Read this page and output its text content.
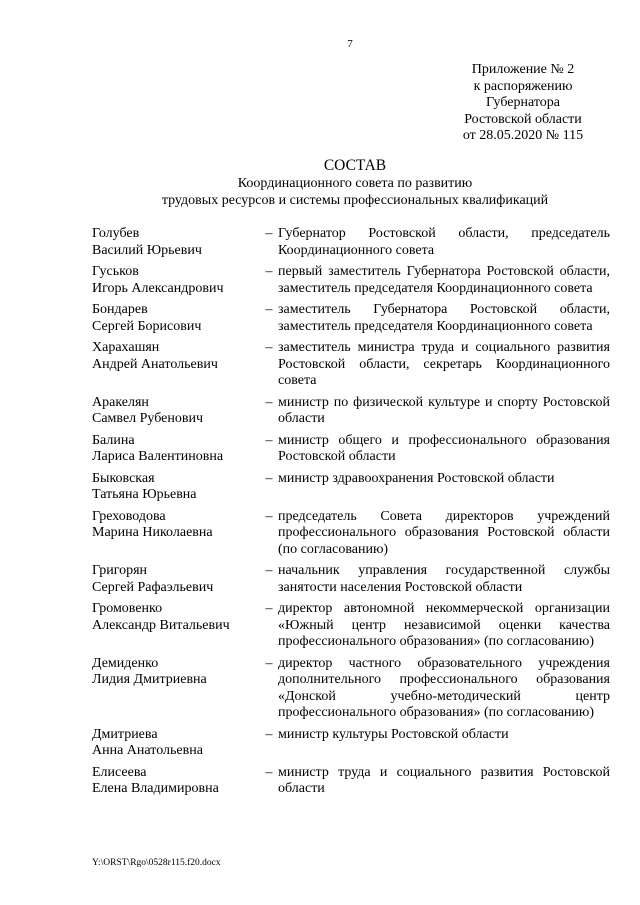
7
Приложение № 2
к распоряжению
Губернатора
Ростовской области
от 28.05.2020 № 115
СОСТАВ
Координационного совета по развитию
трудовых ресурсов и системы профессиональных квалификаций
Голубев
Василий Юрьевич
– Губернатор Ростовской области, председатель Координационного совета
Гуськов
Игорь Александрович
– первый заместитель Губернатора Ростовской области, заместитель председателя Координационного совета
Бондарев
Сергей Борисович
– заместитель Губернатора Ростовской области, заместитель председателя Координационного совета
Харахашян
Андрей Анатольевич
– заместитель министра труда и социального развития Ростовской области, секретарь Координационного совета
Аракелян
Самвел Рубенович
– министр по физической культуре и спорту Ростовской области
Балина
Лариса Валентиновна
– министр общего и профессионального образования Ростовской области
Быковская
Татьяна Юрьевна
– министр здравоохранения Ростовской области
Греховодова
Марина Николаевна
– председатель Совета директоров учреждений профессионального образования Ростовской области (по согласованию)
Григорян
Сергей Рафаэльевич
– начальник управления государственной службы занятости населения Ростовской области
Громовенко
Александр Витальевич
– директор автономной некоммерческой организации «Южный центр независимой оценки качества профессионального образования» (по согласованию)
Демиденко
Лидия Дмитриевна
– директор частного образовательного учреждения дополнительного профессионального образования «Донской учебно-методический центр профессионального образования» (по согласованию)
Дмитриева
Анна Анатольевна
– министр культуры Ростовской области
Елисеева
Елена Владимировна
– министр труда и социального развития Ростовской области
Y:\ORST\Rgo\0528r115.f20.docx
